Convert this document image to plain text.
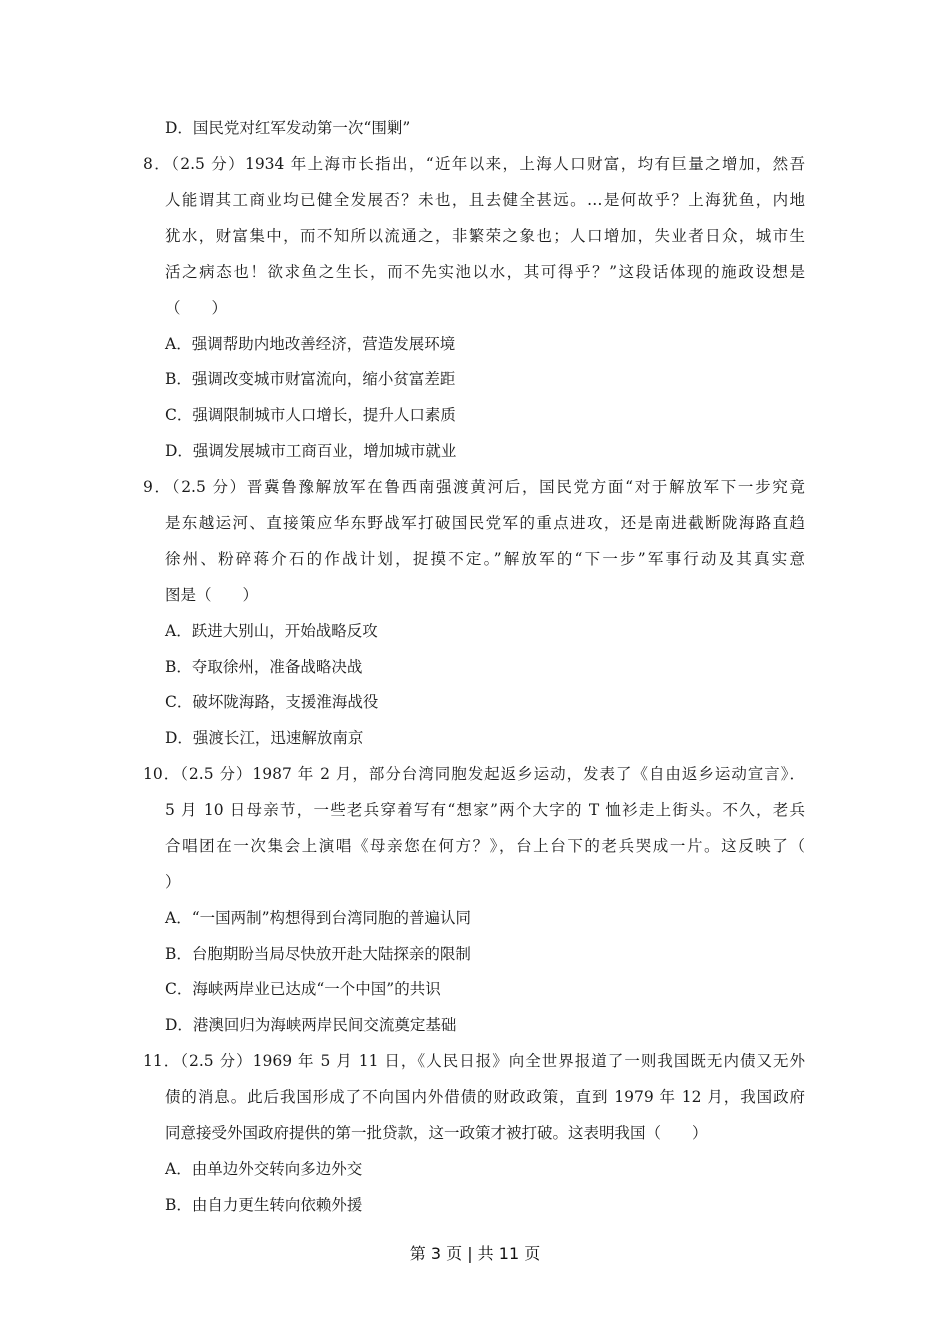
D．国民党对红军发动第一次“围剿”
8．（2.5 分）1934 年上海市长指出，“近年以来，上海人口财富，均有巨量之增加，然吾
人能谓其工商业均已健全发展否？未也，且去健全甚远。…是何故乎？上海犹鱼，内地
犹水，财富集中，而不知所以流通之，非繁荣之象也；人口增加，失业者日众，城市生
活之病态也！欲求鱼之生长，而不先实池以水，其可得乎？”这段话体现的施政设想是
（　　）
A．强调帮助内地改善经济，营造发展环境
B．强调改变城市财富流向，缩小贫富差距
C．强调限制城市人口增长，提升人口素质
D．强调发展城市工商百业，增加城市就业
9．（2.5 分）晋冀鲁豫解放军在鲁西南强渡黄河后，国民党方面“对于解放军下一步究竟
是东越运河、直接策应华东野战军打破国民党军的重点进攻，还是南进截断陇海路直趋
徐州、粉碎蒋介石的作战计划，捉摸不定。”解放军的“下一步”军事行动及其真实意
图是（　　）
A．跃进大别山，开始战略反攻
B．夺取徐州，准备战略决战
C．破坏陇海路，支援淮海战役
D．强渡长江，迅速解放南京
10．（2.5 分）1987 年 2 月，部分台湾同胞发起返乡运动，发表了《自由返乡运动宣言》．
5 月 10 日母亲节，一些老兵穿着写有“想家”两个大字的 T 恤衫走上街头。不久，老兵
合唱团在一次集会上演唱《母亲您在何方？》，台上台下的老兵哭成一片。这反映了（
）
A．“一国两制”构想得到台湾同胞的普遍认同
B．台胞期盼当局尽快放开赴大陆探亲的限制
C．海峡两岸业已达成“一个中国”的共识
D．港澳回归为海峡两岸民间交流奠定基础
11．（2.5 分）1969 年 5 月 11 日，《人民日报》向全世界报道了一则我国既无内债又无外
债的消息。此后我国形成了不向国内外借债的财政政策，直到 1979 年 12 月，我国政府
同意接受外国政府提供的第一批贷款，这一政策才被打破。这表明我国（　　）
A．由单边外交转向多边外交
B．由自力更生转向依赖外援
第 3 页 | 共 11 页
